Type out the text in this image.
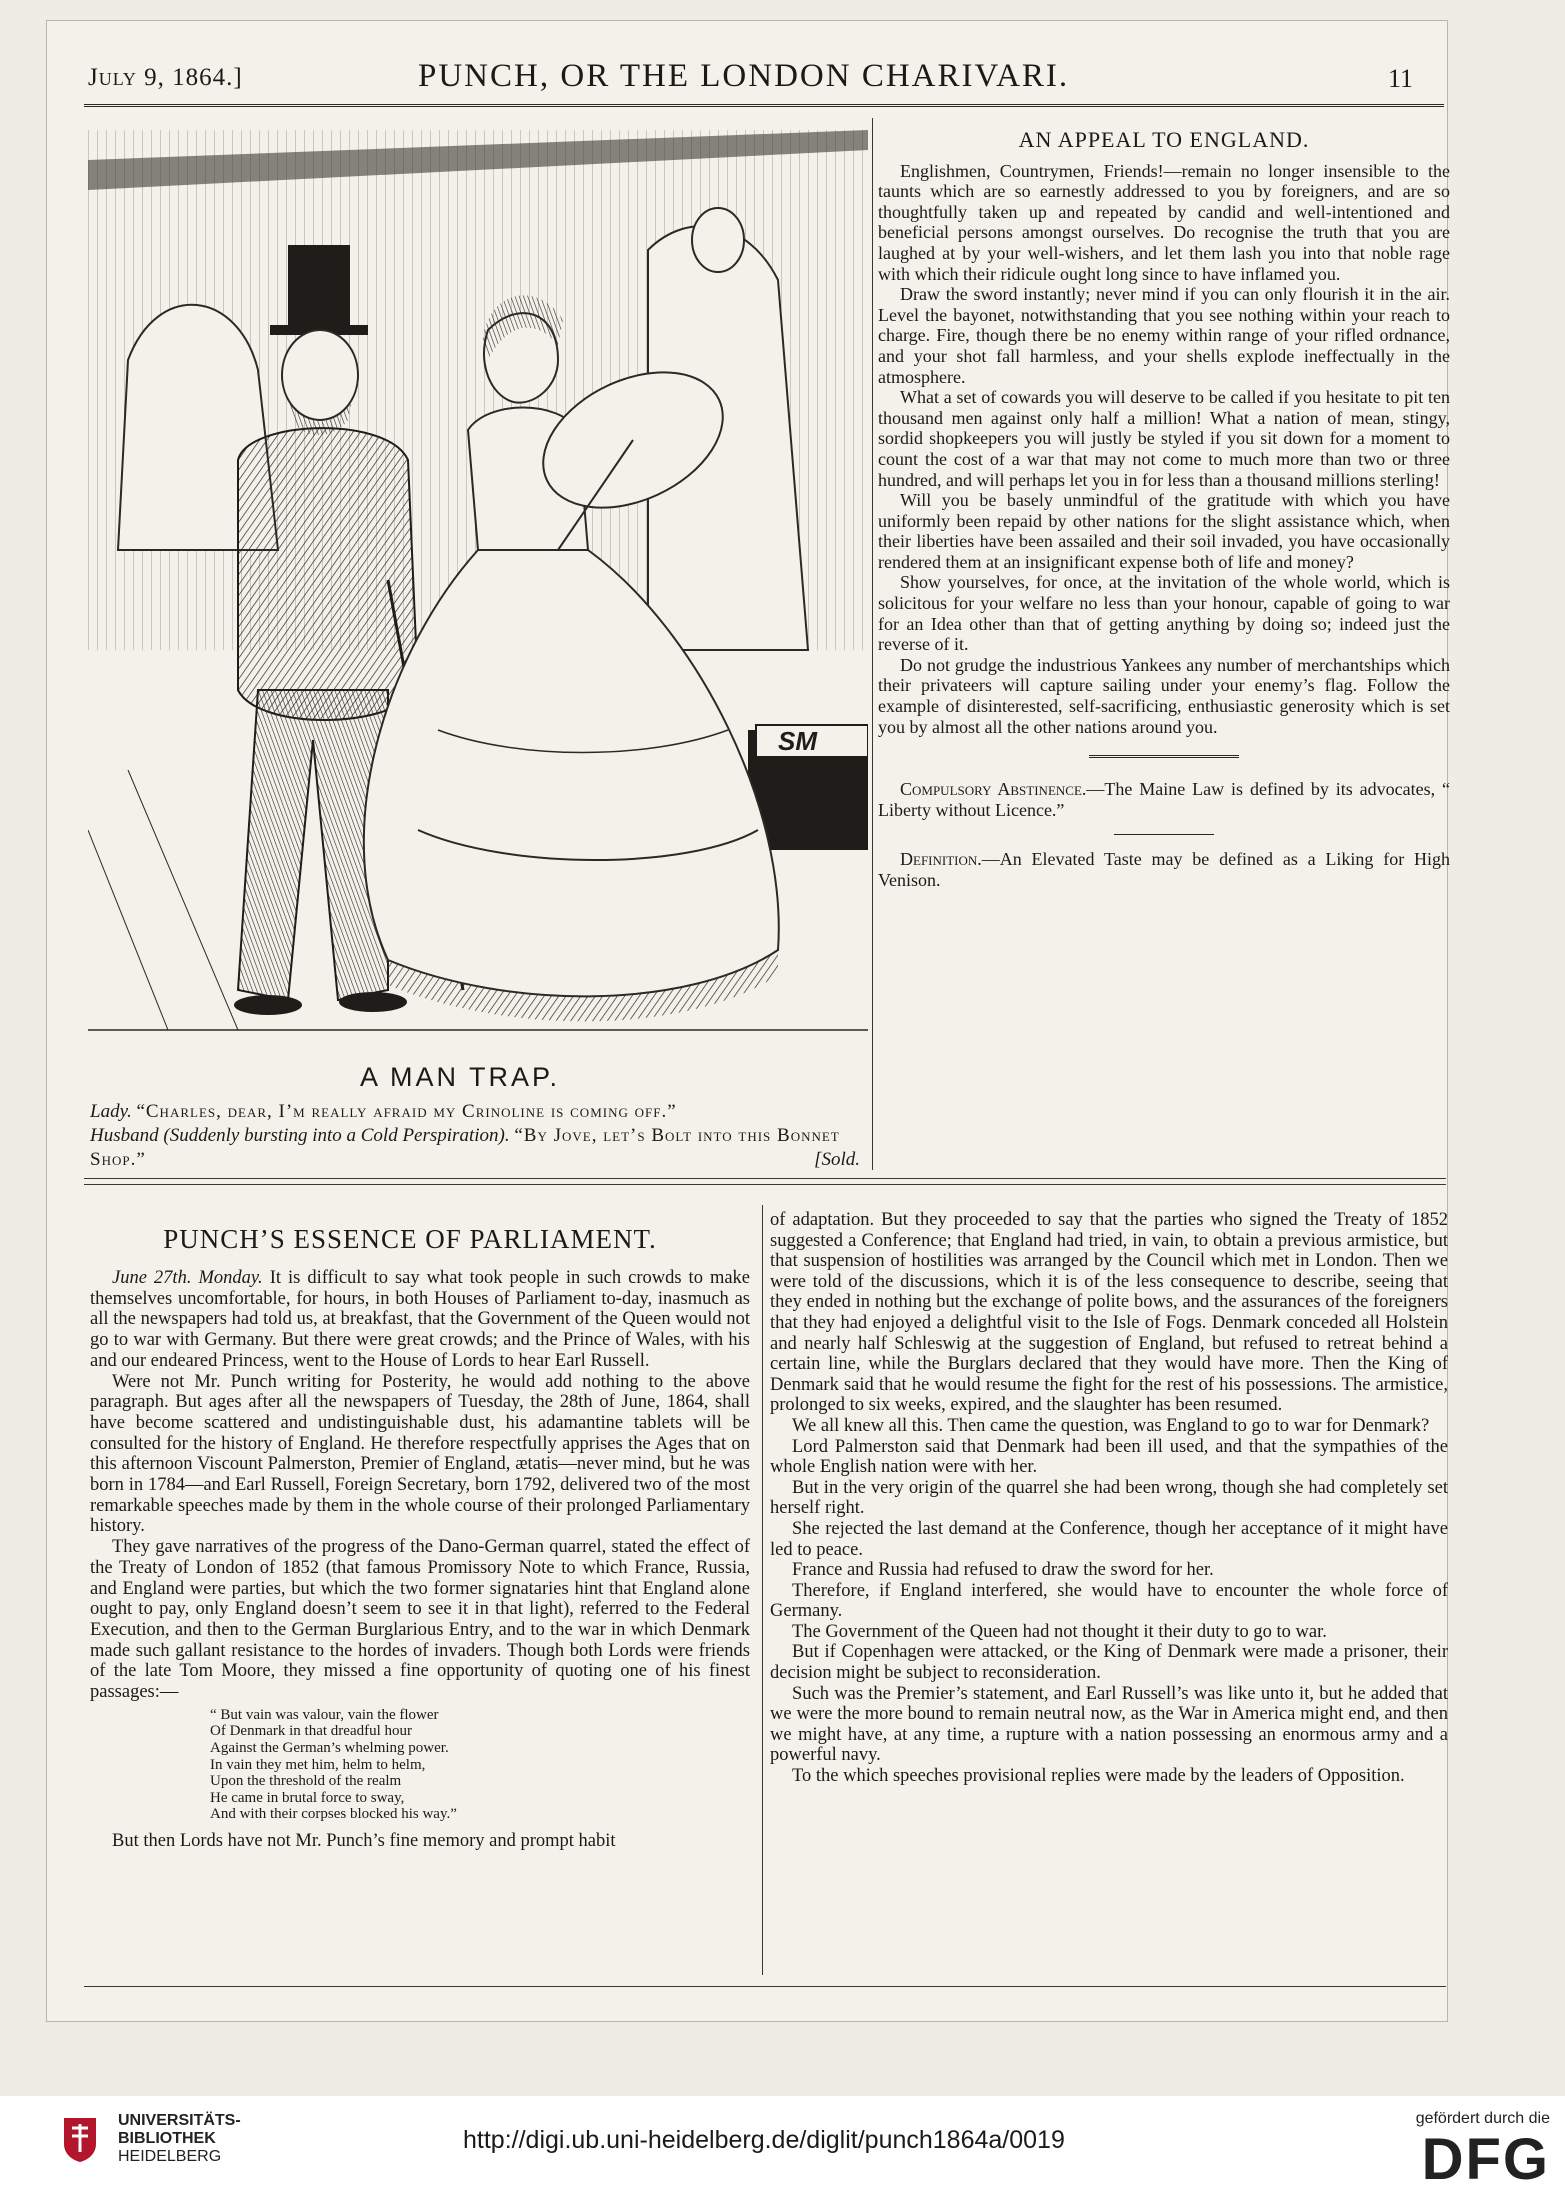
July 9, 1864.]	PUNCH, OR THE LONDON CHARIVARI.	11
SM
A MAN TRAP.
Lady. “Charles, dear, I’m really afraid my Crinoline is coming off.”
Husband (Suddenly bursting into a Cold Perspiration). “By Jove, let’s Bolt into this Bonnet Shop.”	[Sold.
AN APPEAL TO ENGLAND.

Englishmen, Countrymen, Friends!—remain no longer insensible to the taunts which are so earnestly addressed to you by foreigners, and are so thoughtfully taken up and repeated by candid and well-intentioned and beneficial persons amongst ourselves. Do recognise the truth that you are laughed at by your well-wishers, and let them lash you into that noble rage with which their ridicule ought long since to have inflamed you.

Draw the sword instantly; never mind if you can only flourish it in the air. Level the bayonet, notwithstanding that you see nothing within your reach to charge. Fire, though there be no enemy within range of your rifled ordnance, and your shot fall harmless, and your shells explode ineffectually in the atmosphere.

What a set of cowards you will deserve to be called if you hesitate to pit ten thousand men against only half a million! What a nation of mean, stingy, sordid shopkeepers you will justly be styled if you sit down for a moment to count the cost of a war that may not come to much more than two or three hundred, and will perhaps let you in for less than a thousand millions sterling!

Will you be basely unmindful of the gratitude with which you have uniformly been repaid by other nations for the slight assistance which, when their liberties have been assailed and their soil invaded, you have occasionally rendered them at an insignificant expense both of life and money?

Show yourselves, for once, at the invitation of the whole world, which is solicitous for your welfare no less than your honour, capable of going to war for an Idea other than that of getting anything by doing so; indeed just the reverse of it.

Do not grudge the industrious Yankees any number of merchantships which their privateers will capture sailing under your enemy’s flag. Follow the example of disinterested, self-sacrificing, enthusiastic generosity which is set you by almost all the other nations around you.

Compulsory Abstinence.—The Maine Law is defined by its advocates, “ Liberty without Licence.”

Definition.—An Elevated Taste may be defined as a Liking for High Venison.

PUNCH’S ESSENCE OF PARLIAMENT.

June 27th. Monday. It is difficult to say what took people in such crowds to make themselves uncomfortable, for hours, in both Houses of Parliament to-day, inasmuch as all the newspapers had told us, at breakfast, that the Government of the Queen would not go to war with Germany. But there were great crowds; and the Prince of Wales, with his and our endeared Princess, went to the House of Lords to hear Earl Russell.

Were not Mr. Punch writing for Posterity, he would add nothing to the above paragraph. But ages after all the newspapers of Tuesday, the 28th of June, 1864, shall have become scattered and undistinguishable dust, his adamantine tablets will be consulted for the history of England. He therefore respectfully apprises the Ages that on this afternoon Viscount Palmerston, Premier of England, ætatis—never mind, but he was born in 1784—and Earl Russell, Foreign Secretary, born 1792, delivered two of the most remarkable speeches made by them in the whole course of their prolonged Parliamentary history.

They gave narratives of the progress of the Dano-German quarrel, stated the effect of the Treaty of London of 1852 (that famous Promissory Note to which France, Russia, and England were parties, but which the two former signataries hint that England alone ought to pay, only England doesn’t seem to see it in that light), referred to the Federal Execution, and then to the German Burglarious Entry, and to the war in which Denmark made such gallant resistance to the hordes of invaders. Though both Lords were friends of the late Tom Moore, they missed a fine opportunity of quoting one of his finest passages:—

“ But vain was valour, vain the flower
Of Denmark in that dreadful hour
Against the German’s whelming power.
In vain they met him, helm to helm,
Upon the threshold of the realm
He came in brutal force to sway,
And with their corpses blocked his way.”

But then Lords have not Mr. Punch’s fine memory and prompt habit

of adaptation. But they proceeded to say that the parties who signed the Treaty of 1852 suggested a Conference; that England had tried, in vain, to obtain a previous armistice, but that suspension of hostilities was arranged by the Council which met in London. Then we were told of the discussions, which it is of the less consequence to describe, seeing that they ended in nothing but the exchange of polite bows, and the assurances of the foreigners that they had enjoyed a delightful visit to the Isle of Fogs. Denmark conceded all Holstein and nearly half Schleswig at the suggestion of England, but refused to retreat behind a certain line, while the Burglars declared that they would have more. Then the King of Denmark said that he would resume the fight for the rest of his possessions. The armistice, prolonged to six weeks, expired, and the slaughter has been resumed.

We all knew all this. Then came the question, was England to go to war for Denmark?

Lord Palmerston said that Denmark had been ill used, and that the sympathies of the whole English nation were with her.

But in the very origin of the quarrel she had been wrong, though she had completely set herself right.

She rejected the last demand at the Conference, though her acceptance of it might have led to peace.

France and Russia had refused to draw the sword for her.

Therefore, if England interfered, she would have to encounter the whole force of Germany.

The Government of the Queen had not thought it their duty to go to war.

But if Copenhagen were attacked, or the King of Denmark were made a prisoner, their decision might be subject to reconsideration.

Such was the Premier’s statement, and Earl Russell’s was like unto it, but he added that we were the more bound to remain neutral now, as the War in America might end, and then we might have, at any time, a rupture with a nation possessing an enormous army and a powerful navy.

To the which speeches provisional replies were made by the leaders of Opposition.

UNIVERSITÄTS-
BIBLIOTHEK
HEIDELBERG
http://digi.ub.uni-heidelberg.de/diglit/punch1864a/0019
gefördert durch die
DFG
